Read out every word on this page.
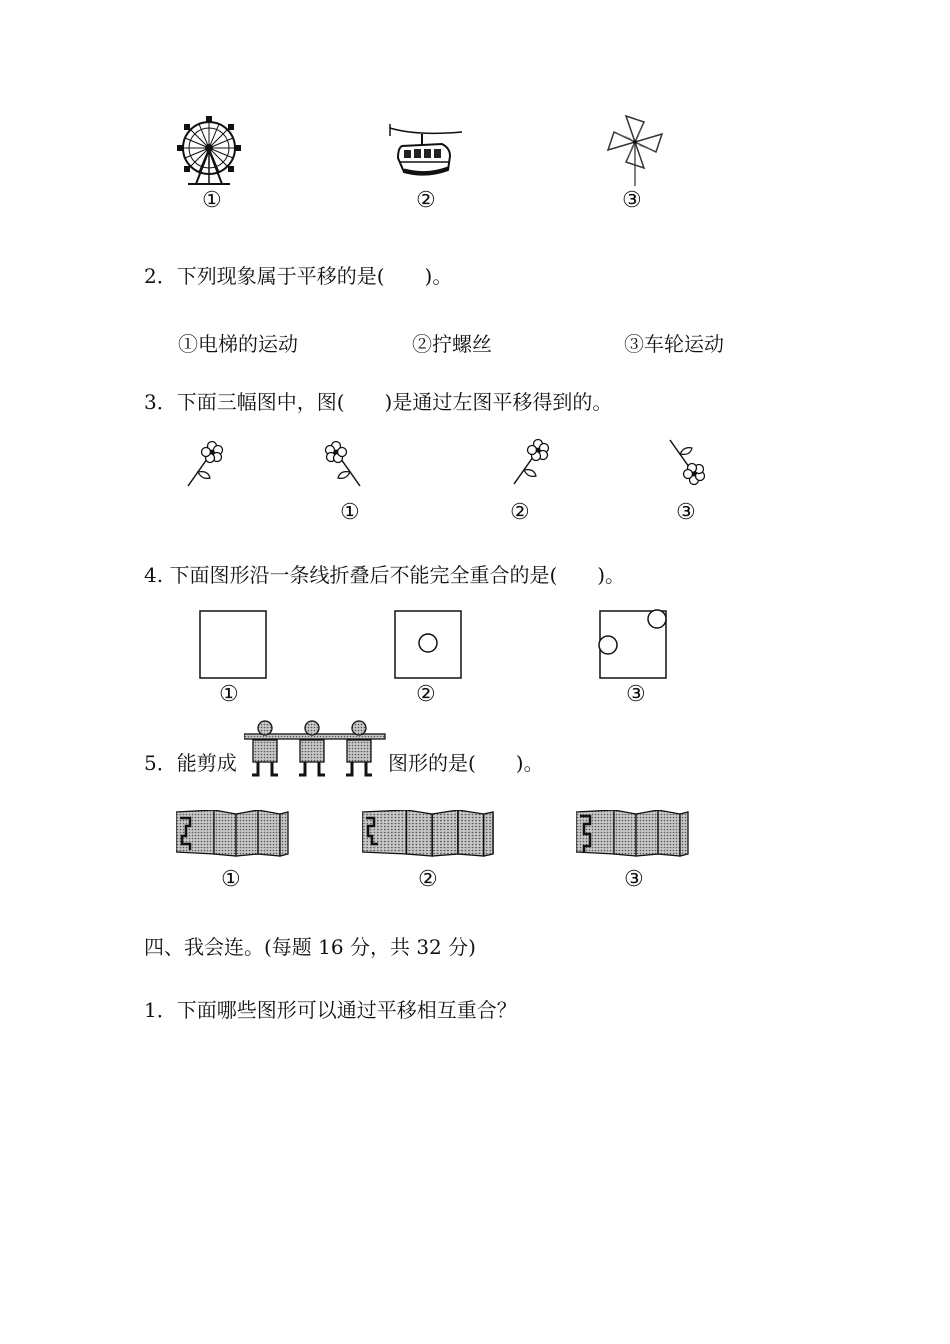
①	②	③
2．下列现象属于平移的是(　　)。
①电梯的运动	②拧螺丝	③车轮运动
3．下面三幅图中，图(　　)是通过左图平移得到的。
①	②	③
4. 下面图形沿一条线折叠后不能完全重合的是(　　)。
①	②	③
5．能剪成	图形的是(　　)。
①	②	③
四、我会连。(每题 16 分，共 32 分)
1．下面哪些图形可以通过平移相互重合？
